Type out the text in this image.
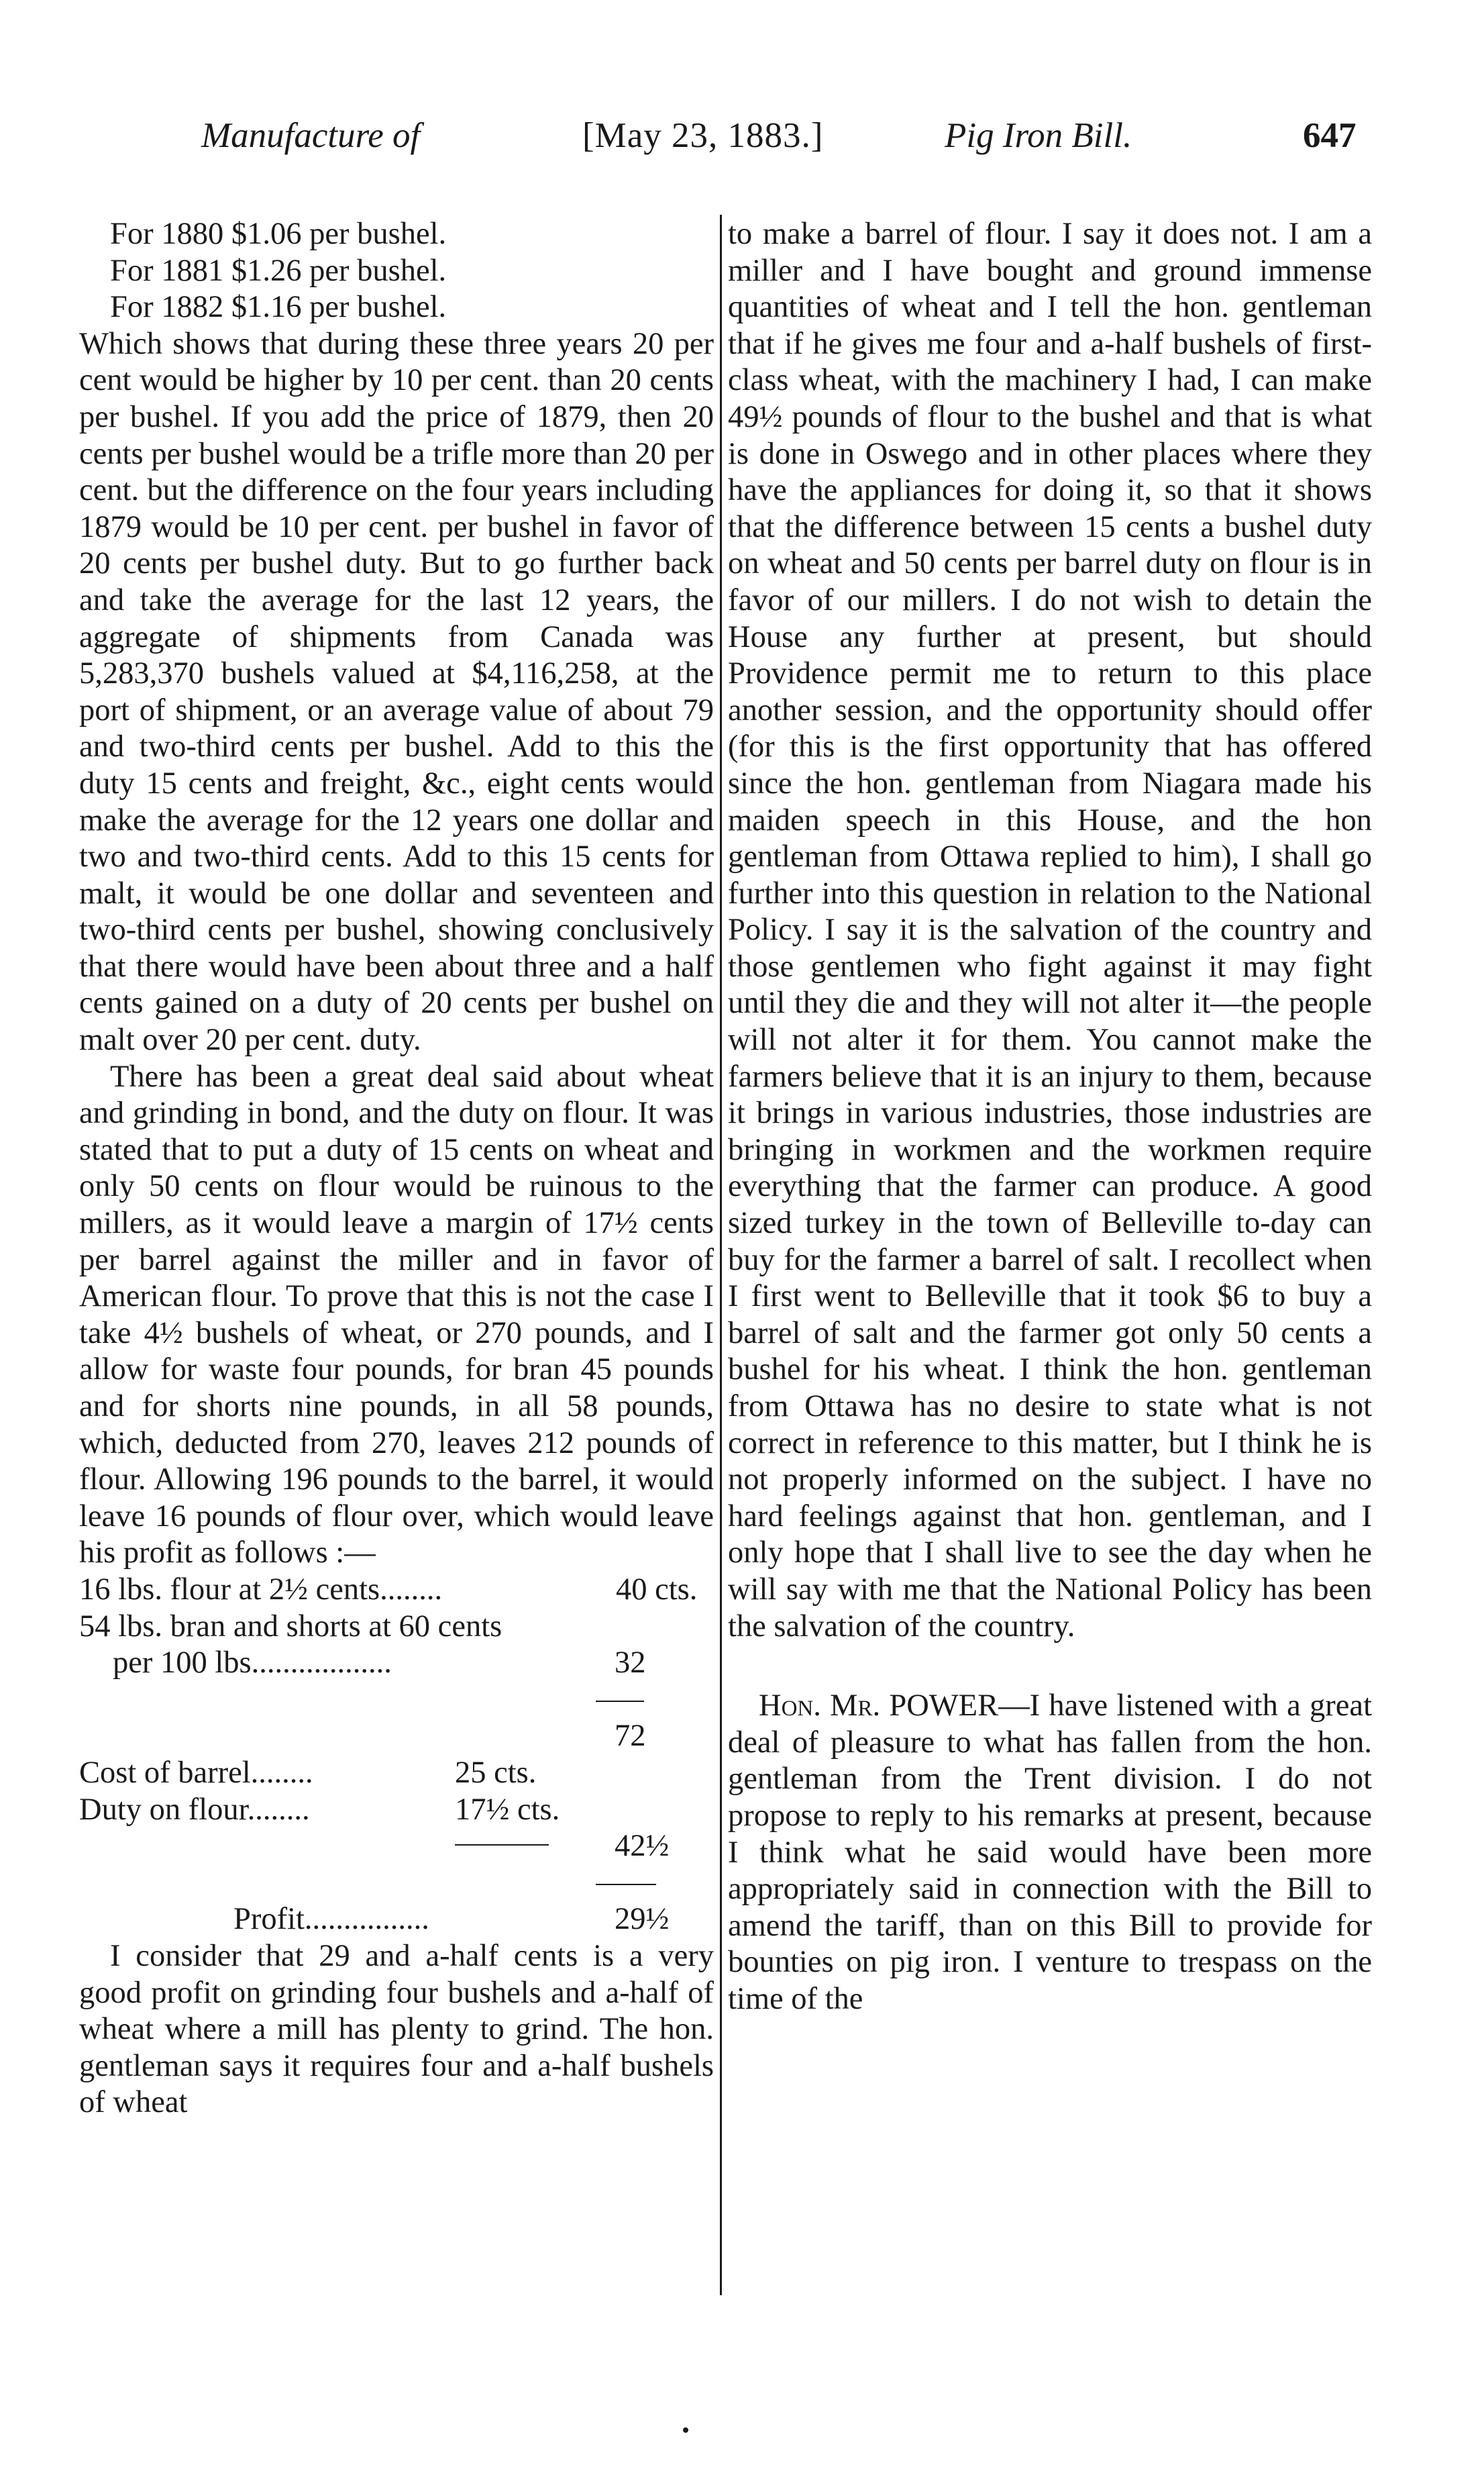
Manufacture of	[May 23, 1883.]	Pig Iron Bill.	647
For 1880 $1.06 per bushel.
For 1881 $1.26 per bushel.
For 1882 $1.16 per bushel.

Which shows that during these three years 20 per cent would be higher by 10 per cent. than 20 cents per bushel. If you add the price of 1879, then 20 cents per bushel would be a trifle more than 20 per cent. but the difference on the four years including 1879 would be 10 per cent. per bushel in favor of 20 cents per bushel duty. But to go further back and take the average for the last 12 years, the aggregate of shipments from Canada was 5,283,370 bushels valued at $4,116,258, at the port of shipment, or an average value of about 79 and two-third cents per bushel. Add to this the duty 15 cents and freight, &c., eight cents would make the average for the 12 years one dollar and two and two-third cents. Add to this 15 cents for malt, it would be one dollar and seventeen and two-third cents per bushel, showing conclusively that there would have been about three and a half cents gained on a duty of 20 cents per bushel on malt over 20 per cent. duty.

There has been a great deal said about wheat and grinding in bond, and the duty on flour. It was stated that to put a duty of 15 cents on wheat and only 50 cents on flour would be ruinous to the millers, as it would leave a margin of 17½ cents per barrel against the miller and in favor of American flour. To prove that this is not the case I take 4½ bushels of wheat, or 270 pounds, and I allow for waste four pounds, for bran 45 pounds and for shorts nine pounds, in all 58 pounds, which, deducted from 270, leaves 212 pounds of flour. Allowing 196 pounds to the barrel, it would leave 16 pounds of flour over, which would leave his profit as follows :—

16 lbs. flour at 2½ cents........	40 cts.
54 lbs. bran and shorts at 60 cents
per 100 lbs..................	32
72
Cost of barrel........	25 cts.
Duty on flour........	17½ cts.
42½
Profit................	29½

I consider that 29 and a-half cents is a very good profit on grinding four bushels and a-half of wheat where a mill has plenty to grind. The hon. gentleman says it requires four and a-half bushels of wheat

to make a barrel of flour. I say it does not. I am a miller and I have bought and ground immense quantities of wheat and I tell the hon. gentleman that if he gives me four and a-half bushels of first-class wheat, with the machinery I had, I can make 49½ pounds of flour to the bushel and that is what is done in Oswego and in other places where they have the appliances for doing it, so that it shows that the difference between 15 cents a bushel duty on wheat and 50 cents per barrel duty on flour is in favor of our millers. I do not wish to detain the House any further at present, but should Providence permit me to return to this place another session, and the opportunity should offer (for this is the first opportunity that has offered since the hon. gentleman from Niagara made his maiden speech in this House, and the hon gentleman from Ottawa replied to him), I shall go further into this question in relation to the National Policy. I say it is the salvation of the country and those gentlemen who fight against it may fight until they die and they will not alter it—the people will not alter it for them. You cannot make the farmers believe that it is an injury to them, because it brings in various industries, those industries are bringing in workmen and the workmen require everything that the farmer can produce. A good sized turkey in the town of Belleville to-day can buy for the farmer a barrel of salt. I recollect when I first went to Belleville that it took $6 to buy a barrel of salt and the farmer got only 50 cents a bushel for his wheat. I think the hon. gentleman from Ottawa has no desire to state what is not correct in reference to this matter, but I think he is not properly informed on the subject. I have no hard feelings against that hon. gentleman, and I only hope that I shall live to see the day when he will say with me that the National Policy has been the salvation of the country.

Hon. Mr. POWER—I have listened with a great deal of pleasure to what has fallen from the hon. gentleman from the Trent division. I do not propose to reply to his remarks at present, because I think what he said would have been more appropriately said in connection with the Bill to amend the tariff, than on this Bill to provide for bounties on pig iron. I venture to trespass on the time of the
